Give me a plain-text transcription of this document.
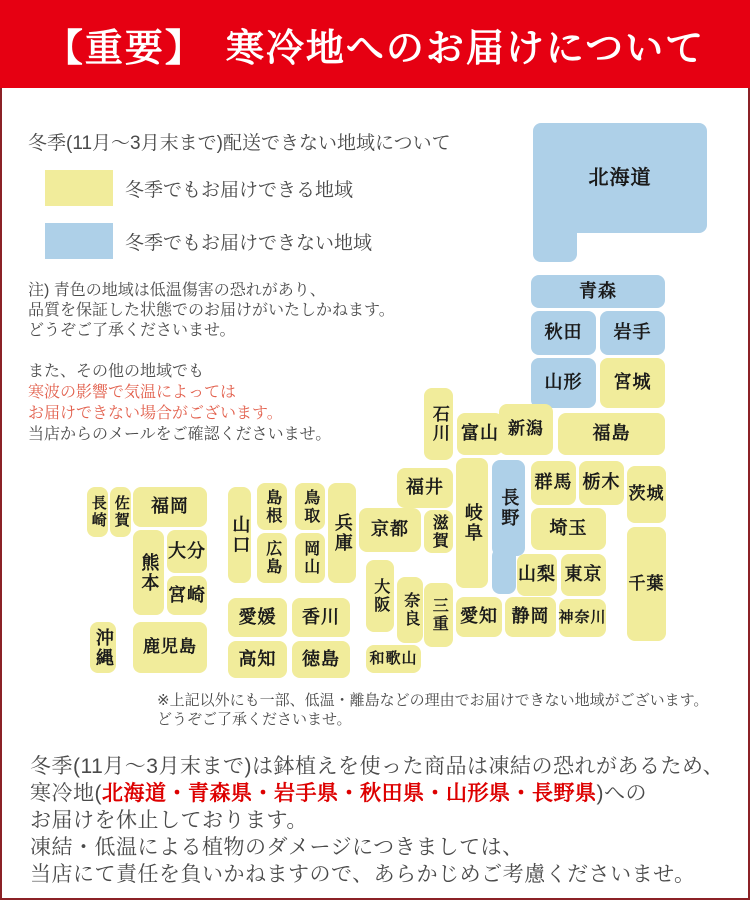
【重要】　寒冷地へのお届けについて
冬季(11月〜3月末まで)配送できない地域について
冬季でもお届けできる地域
冬季でもお届けできない地域
注) 青色の地域は低温傷害の恐れがあり、
品質を保証した状態でのお届けがいたしかねます。
どうぞご了承くださいませ。
また、その他の地域でも
寒波の影響で気温によっては
お届けできない場合がございます。
当店からのメールをご確認くださいませ。
北海道
青森
秋田 岩手
山形 宮城
新潟	福島
石川 富山
群馬 栃木
茨城
埼玉
長野
岐阜
福井
京都 滋賀
山梨 東京 千葉
神奈川
静岡
愛知
三重
奈良
大阪
和歌山
兵庫
鳥取
岡山
島根
広島
山口
愛媛 香川
高知 徳島
福岡
佐賀
長崎
熊本
大分
宮崎
鹿児島
沖縄
※上記以外にも一部、低温・離島などの理由でお届けできない地域がございます。
どうぞご了承くださいませ。
冬季(11月〜3月末まで)は鉢植えを使った商品は凍結の恐れがあるため、
寒冷地(北海道・青森県・岩手県・秋田県・山形県・長野県)への
お届けを休止しております。
凍結・低温による植物のダメージにつきましては、
当店にて責任を負いかねますので、あらかじめご考慮くださいませ。
